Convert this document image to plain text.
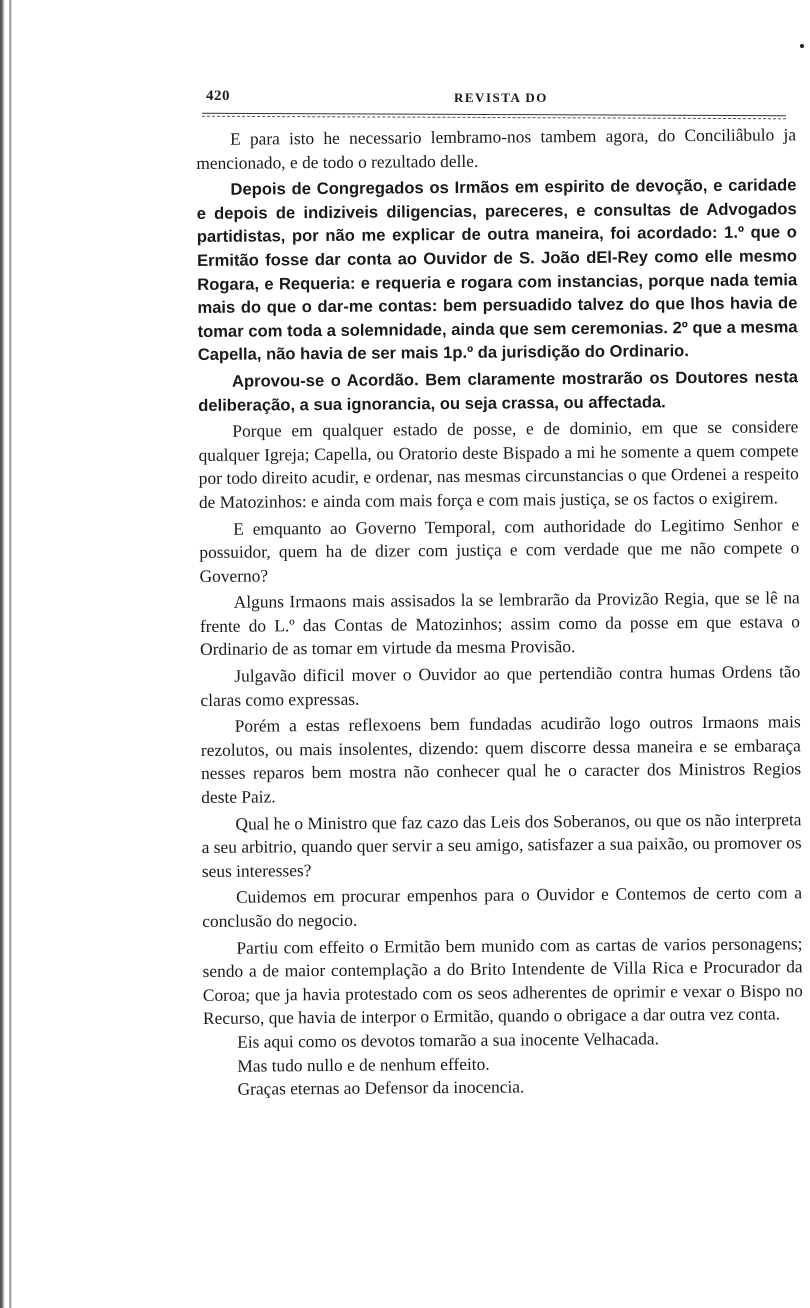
420	REVISTA DO

E para isto he necessario lembramo-nos tambem agora, do Conciliâbulo ja mencionado, e de todo o rezultado delle.

Depois de Congregados os Irmãos em espirito de devoção, e caridade e depois de indiziveis diligencias, pareceres, e consultas de Advogados partidistas, por não me explicar de outra maneira, foi acordado: 1.º que o Ermitão fosse dar conta ao Ouvidor de S. João dEl-Rey como elle mesmo Rogara, e Requeria: e requeria e rogara com instancias, porque nada temia mais do que o dar-me contas: bem persuadido talvez do que lhos havia de tomar com toda a solemnidade, ainda que sem ceremonias. 2º que a mesma Capella, não havia de ser mais 1p.º da jurisdição do Ordinario.

Aprovou-se o Acordão. Bem claramente mostrarão os Doutores nesta deliberação, a sua ignorancia, ou seja crassa, ou affectada.

Porque em qualquer estado de posse, e de dominio, em que se considere qualquer Igreja; Capella, ou Oratorio deste Bispado a mi he somente a quem compete por todo direito acudir, e ordenar, nas mesmas circunstancias o que Ordenei a respeito de Matozinhos: e ainda com mais força e com mais justiça, se os factos o exigirem.

E emquanto ao Governo Temporal, com authoridade do Legitimo Senhor e possuidor, quem ha de dizer com justiça e com verdade que me não compete o Governo?

Alguns Irmaons mais assisados la se lembrarão da Provizão Regia, que se lê na frente do L.º das Contas de Matozinhos; assim como da posse em que estava o Ordinario de as tomar em virtude da mesma Provisão.

Julgavão dificil mover o Ouvidor ao que pertendião contra humas Ordens tão claras como expressas.

Porém a estas reflexoens bem fundadas acudirão logo outros Irmaons mais rezolutos, ou mais insolentes, dizendo: quem discorre dessa maneira e se embaraça nesses reparos bem mostra não conhecer qual he o caracter dos Ministros Regios deste Paiz.

Qual he o Ministro que faz cazo das Leis dos Soberanos, ou que os não interpreta a seu arbitrio, quando quer servir a seu amigo, satisfazer a sua paixão, ou promover os seus interesses?

Cuidemos em procurar empenhos para o Ouvidor e Contemos de certo com a conclusão do negocio.

Partiu com effeito o Ermitão bem munido com as cartas de varios personagens; sendo a de maior contemplação a do Brito Intendente de Villa Rica e Procurador da Coroa; que ja havia protestado com os seos adherentes de oprimir e vexar o Bispo no Recurso, que havia de interpor o Ermitão, quando o obrigace a dar outra vez conta.

Eis aqui como os devotos tomarão a sua inocente Velhacada.

Mas tudo nullo e de nenhum effeito.

Graças eternas ao Defensor da inocencia.
